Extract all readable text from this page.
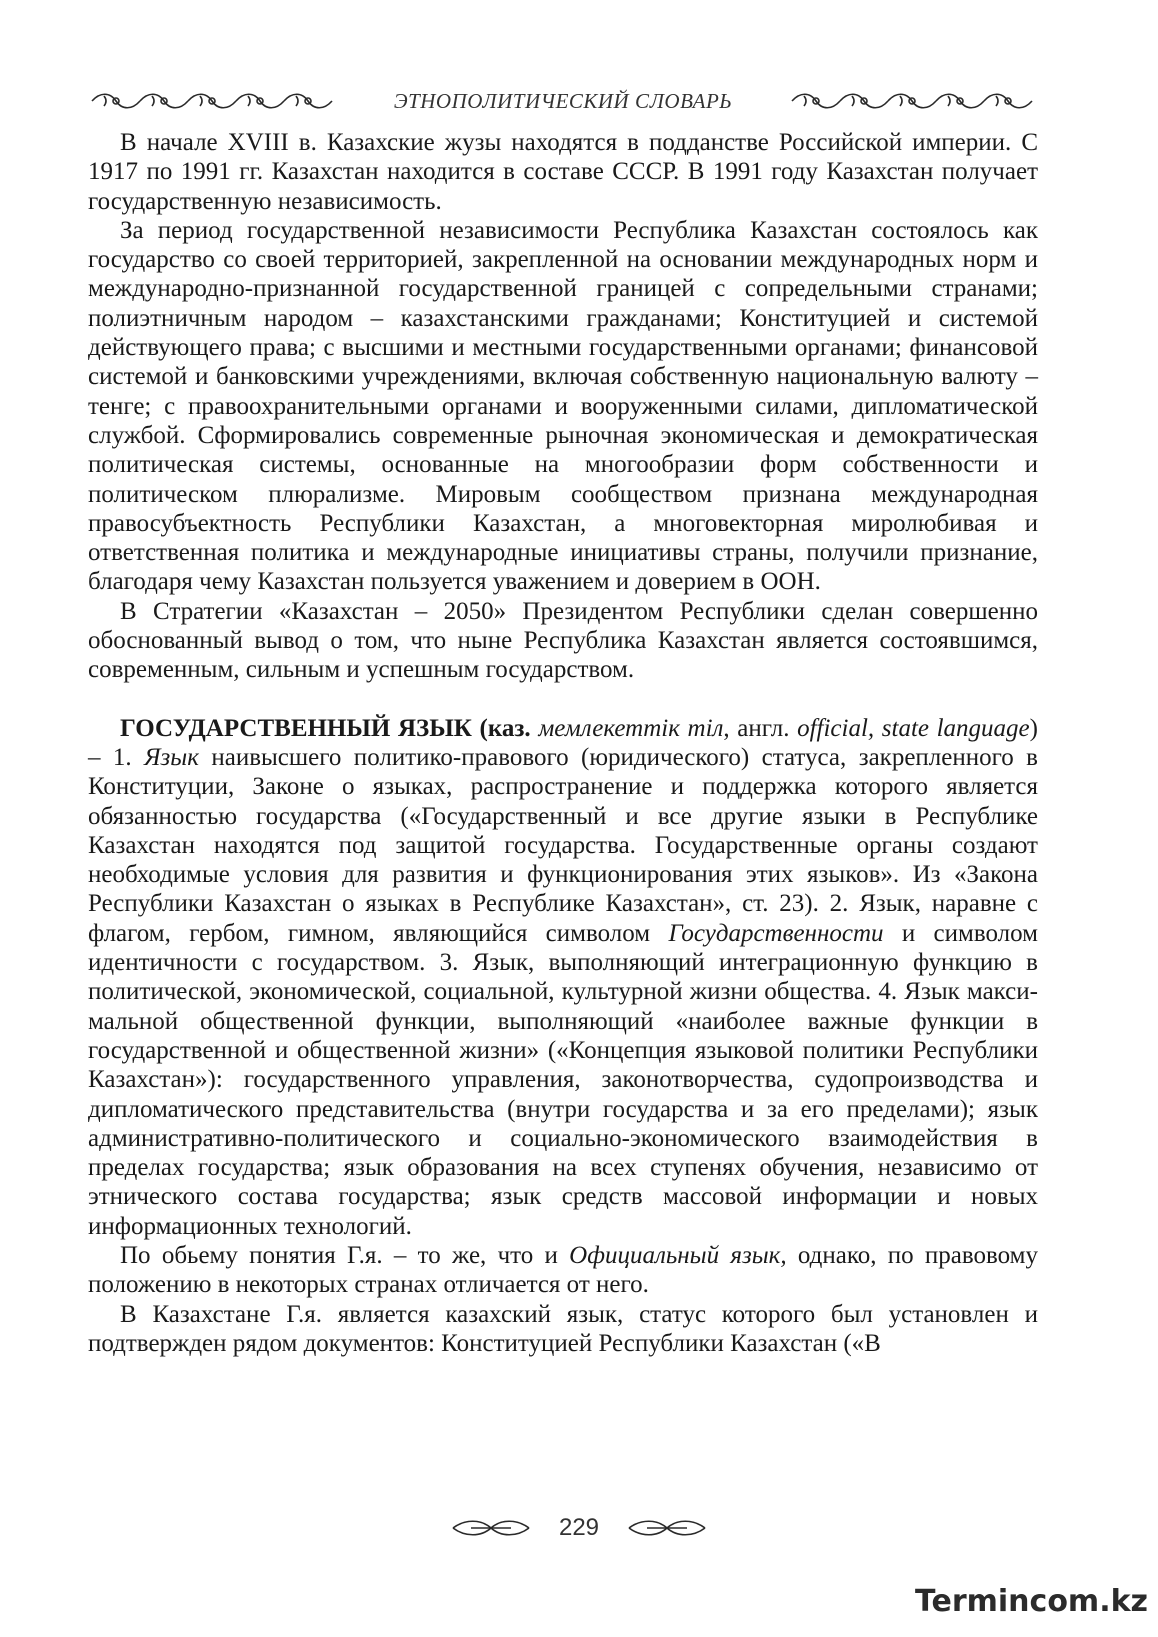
ЭТНОПОЛИТИЧЕСКИЙ СЛОВАРЬ

В начале XVIII в. Казахские жузы находятся в подданстве Российской империи. С 1917 по 1991 гг. Казахстан находится в составе СССР. В 1991 году Казахстан получает государственную независимость.

За период государственной независимости Республика Казахстан состоялось как государство со своей территорией, закрепленной на основании международных норм и международно-признанной государственной границей с сопредельными странами; полиэтничным народом – казахстанскими гражданами; Конституцией и системой действующего права; с высшими и местными государственными органами; финансовой системой и банковскими учреждениями, включая собственную национальную валюту – тенге; с правоохранительными органами и вооруженными силами, дипломатической службой. Сформировались современные рыночная экономическая и демократическая политическая системы, основанные на многообразии форм собственности и политическом плюрализме. Мировым сообществом признана международная правосубъектность Республики Казахстан, а многовекторная миролюбивая и ответственная политика и международные инициативы страны, получили признание, благодаря чему Казахстан пользуется уважением и доверием в ООН.

В Стратегии «Казахстан – 2050» Президентом Республики сделан совершенно обоснованный вывод о том, что ныне Республика Казахстан является состоявшимся, современным, сильным и успешным государством.

ГОСУДАРСТВЕННЫЙ ЯЗЫК (каз. мемлекеттік тіл, англ. official, state language) – 1. Язык наивысшего политико-правового (юридического) статуса, закрепленного в Конституции, Законе о языках, распространение и поддержка которого является обязанностью государства («Государственный и все другие языки в Республике Казахстан находятся под защитой государства. Государственные органы создают необходимые условия для развития и функционирования этих языков». Из «Закона Республики Казахстан о языках в Республике Казахстан», ст. 23). 2. Язык, наравне с флагом, гербом, гимном, являющийся символом Государственности и символом идентичности с государством. 3. Язык, выполняющий интеграционную функцию в политической, экономической, социальной, культурной жизни общества. 4. Язык максимальной общественной функции, выполняющий «наиболее важные функции в государственной и общественной жизни» («Концепция языковой политики Республики Казахстан»): государственного управления, законотворчества, судопроизводства и дипломатического представительства (внутри государства и за его пределами); язык административно-политического и социально-экономического взаимодействия в пределах государства; язык образования на всех ступенях обучения, независимо от этнического состава государства; язык средств массовой информации и новых информационных технологий.

По обьему понятия Г.я. – то же, что и Официальный язык, однако, по правовому положению в некоторых странах отличается от него.

В Казахстане Г.я. является казахский язык, статус которого был установлен и подтвержден рядом документов: Конституцией Республики Казахстан («В

229
Termincom.kz
